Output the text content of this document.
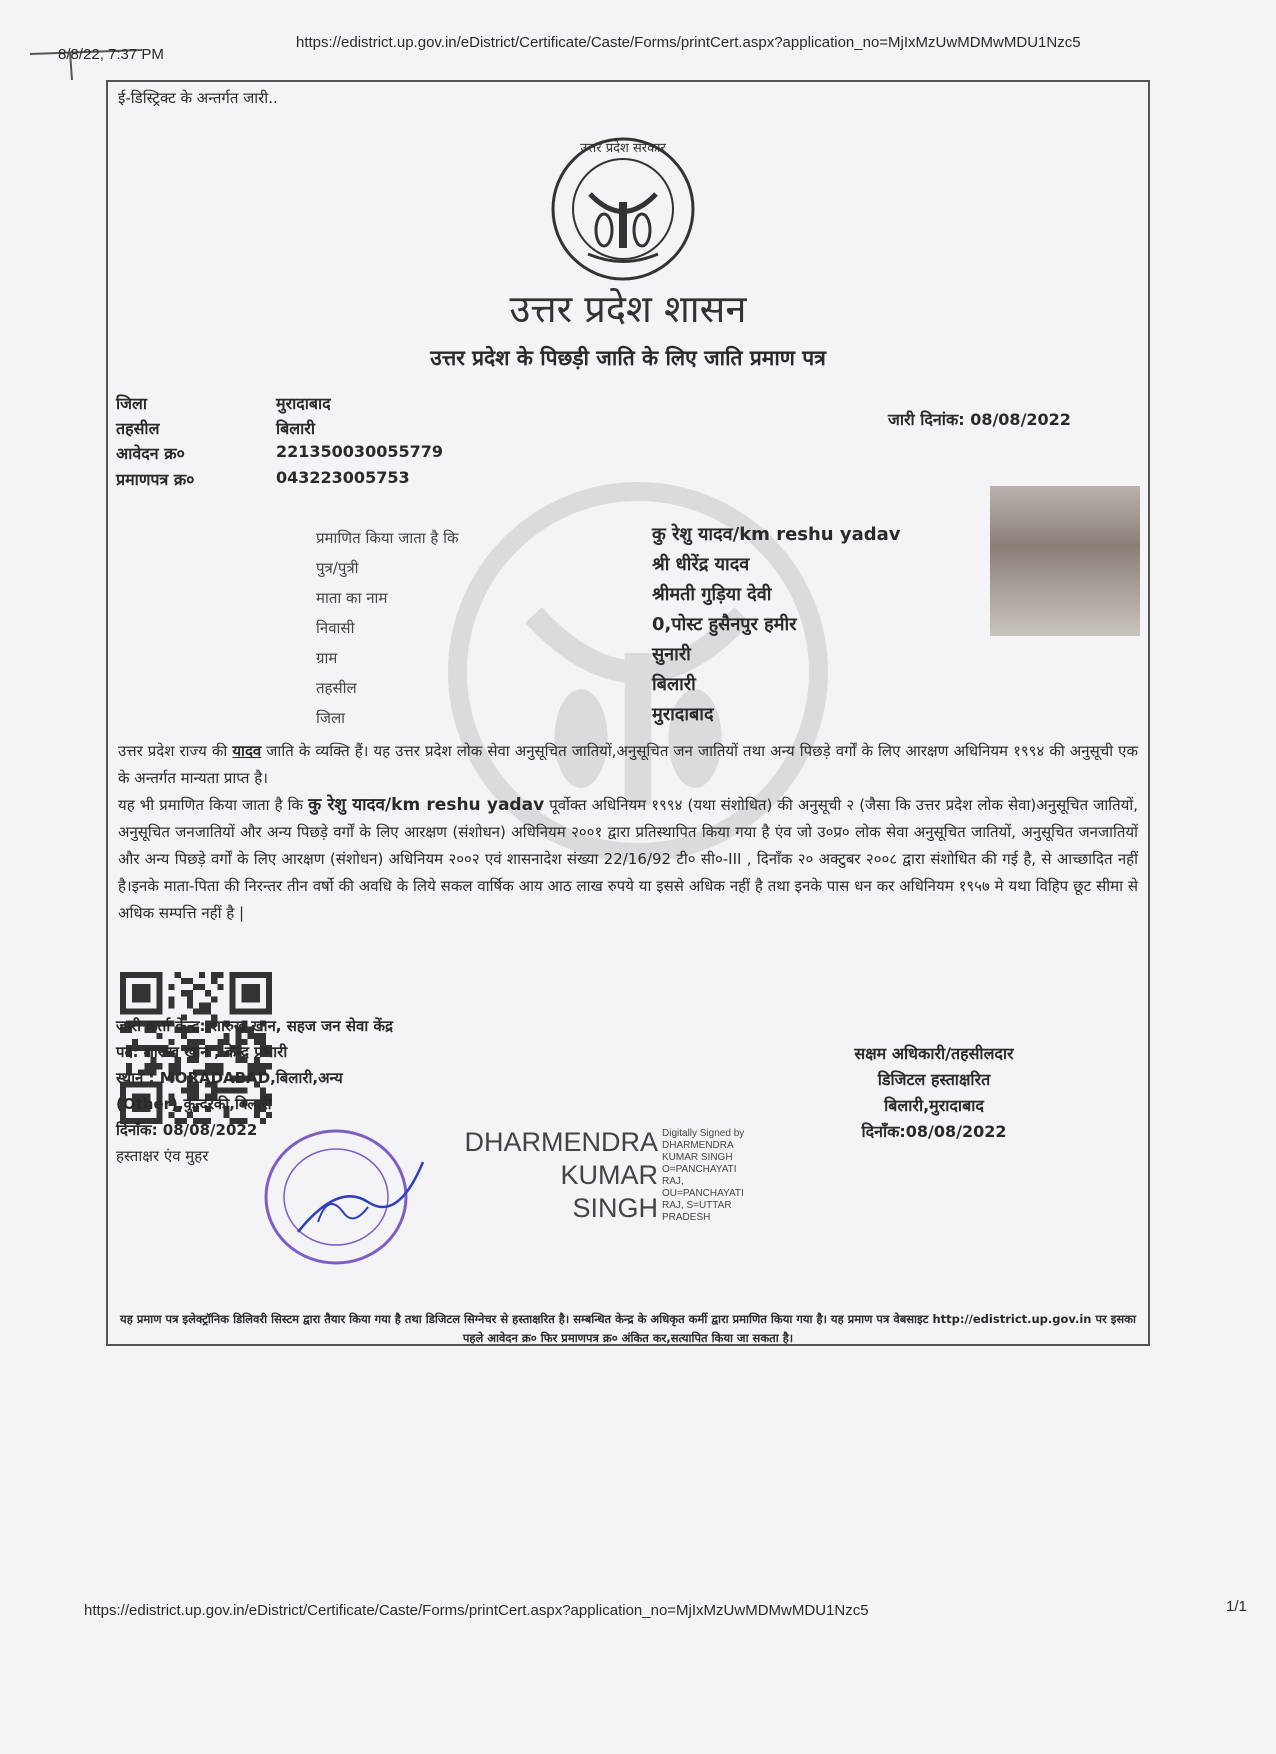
8/8/22, 7:37 PM
https://edistrict.up.gov.in/eDistrict/Certificate/Caste/Forms/printCert.aspx?application_no=MjIxMzUwMDMwMDU1Nzc5
ई-डिस्ट्रिक्ट के अन्तर्गत जारी..
उत्तर प्रदेश सरकार
उत्तर प्रदेश शासन
उत्तर प्रदेश के पिछड़ी जाति के लिए जाति प्रमाण पत्र
जिला	मुरादाबाद
तहसील	बिलारी
आवेदन क्र०	221350030055779
प्रमाणपत्र क्र०	043223005753
जारी दिनांक: 08/08/2022
प्रमाणित किया जाता है कि	कु रेशु यादव/km reshu yadav
पुत्र/पुत्री	श्री धीरेंद्र यादव
माता का नाम	श्रीमती गुड़िया देवी
निवासी	0,पोस्ट हुसैनपुर हमीर
ग्राम	सुनारी
तहसील	बिलारी
जिला	मुरादाबाद
उत्तर प्रदेश राज्य की यादव जाति के व्यक्ति हैं। यह उत्तर प्रदेश लोक सेवा अनुसूचित जातियों,अनुसूचित जन जातियों तथा अन्य पिछड़े वर्गों के लिए आरक्षण अधिनियम १९९४ की अनुसूची एक के अन्तर्गत मान्यता प्राप्त है।
यह भी प्रमाणित किया जाता है कि कु रेशु यादव/km reshu yadav पूर्वोक्त अधिनियम १९९४ (यथा संशोधित) की अनुसूची २ (जैसा कि उत्तर प्रदेश लोक सेवा)अनुसूचित जातियों, अनुसूचित जनजातियों और अन्य पिछड़े वर्गों के लिए आरक्षण (संशोधन) अधिनियम २००१ द्वारा प्रतिस्थापित किया गया है एंव जो उ०प्र० लोक सेवा अनुसूचित जातियों, अनुसूचित जनजातियों और अन्य पिछड़े वर्गों के लिए आरक्षण (संशोधन) अधिनियम २००२ एवं शासनादेश संख्या 22/16/92 टी० सी०-III , दिनाँक २० अक्टुबर २००८ द्वारा संशोधित की गई है, से आच्छादित नहीं है।इनके माता-पिता की निरन्तर तीन वर्षो की अवधि के लिये सकल वार्षिक आय आठ लाख रुपये या इससे अधिक नहीं है तथा इनके पास धन कर अधिनियम १९५७ मे यथा विहिप छूट सीमा से अधिक सम्पत्ति नहीं है |
जारी कर्ता केन्द्र: शारुख खान, सहज जन सेवा केंद्र
पद: शारुख खान , केन्द्र प्रभारी
स्थान : MORADABAD,बिलारी,अन्य
(Other),कुन्दरकी,बिलारी
दिनाँक: 08/08/2022
हस्ताक्षर एंव मुहर	DHARMENDRA
KUMAR
SINGH
Digitally Signed by
DHARMENDRA
KUMAR SINGH
O=PANCHAYATI
RAJ,
OU=PANCHAYATI
RAJ, S=UTTAR
PRADESH
सक्षम अधिकारी/तहसीलदार
डिजिटल हस्ताक्षरित
बिलारी,मुरादाबाद
दिनाँक:08/08/2022
यह प्रमाण पत्र इलेक्ट्रॉनिक डिलिवरी सिस्टम द्वारा तैयार किया गया है तथा डिजिटल सिग्नेचर से हस्ताक्षरित है। सम्बन्धित केन्द्र के अधिकृत कर्मी द्वारा प्रमाणित किया गया है। यह प्रमाण पत्र वेबसाइट http://edistrict.up.gov.in पर इसका पहले आवेदन क्र० फिर प्रमाणपत्र क्र० अंकित कर,सत्यापित किया जा सकता है।
https://edistrict.up.gov.in/eDistrict/Certificate/Caste/Forms/printCert.aspx?application_no=MjIxMzUwMDMwMDU1Nzc5	1/1
